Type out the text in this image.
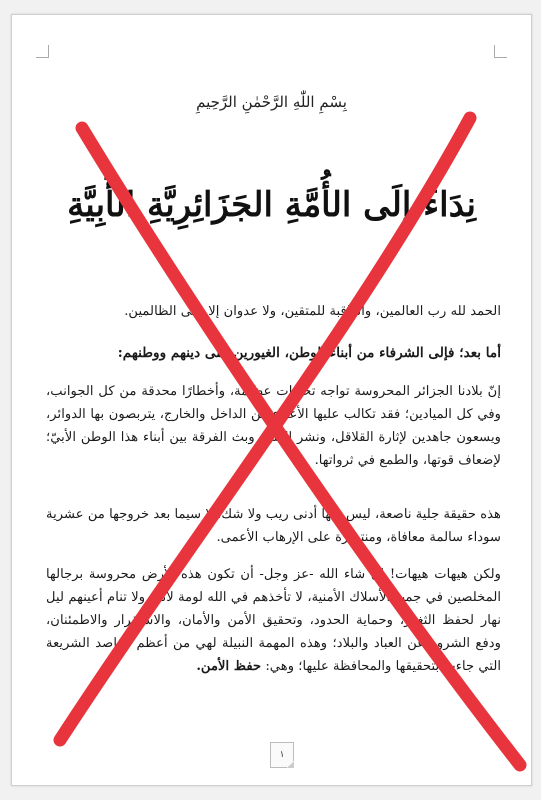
بِسْمِ اللّٰهِ الرَّحْمٰنِ الرَّحِيمِ
نِدَاءٌ إِلَى الأُمَّةِ الجَزَائِرِيَّةِ الأَبِيَّةِ
الحمد لله رب العالمين، والعاقبة للمتقين، ولا عدوان إلا على الظالمين.
أما بعد؛ فإلى الشرفاء من أبناء الوطن، الغيورين على دينهم ووطنهم:
إنّ بلادنا الجزائر المحروسة تواجه تحديات عظيمة، وأخطارًا محدقة من كل الجوانب، وفي كل الميادين؛ فقد تكالب عليها الأعداء من الداخل والخارج، يتربصون بها الدوائر، ويسعون جاهدين لإثارة القلاقل، ونشر الفتن، وبث الفرقة بين أبناء هذا الوطن الأبيّ؛ لإضعاف قوتها، والطمع في ثرواتها.
هذه حقيقة جلية ناصعة، ليس فيها أدنى ريب ولا شك، لا سيما بعد خروجها من عشرية سوداء سالمة معافاة، ومنتصرة على الإرهاب الأعمى.
ولكن هيهات هيهات! إن شاء الله -عز وجل- أن تكون هذه الأرض محروسة برجالها المخلصين في جميع الأسلاك الأمنية، لا تأخذهم في الله لومة لائم، ولا تنام أعينهم ليل نهار لحفظ الثغور، وحماية الحدود، وتحقيق الأمن والأمان، والاستقرار والاطمئنان، ودفع الشرور عن العباد والبلاد؛ وهذه المهمة النبيلة لهي من أعظم مقاصد الشريعة التي جاءت بتحقيقها والمحافظة عليها؛ وهي: حفظ الأمن.
١
